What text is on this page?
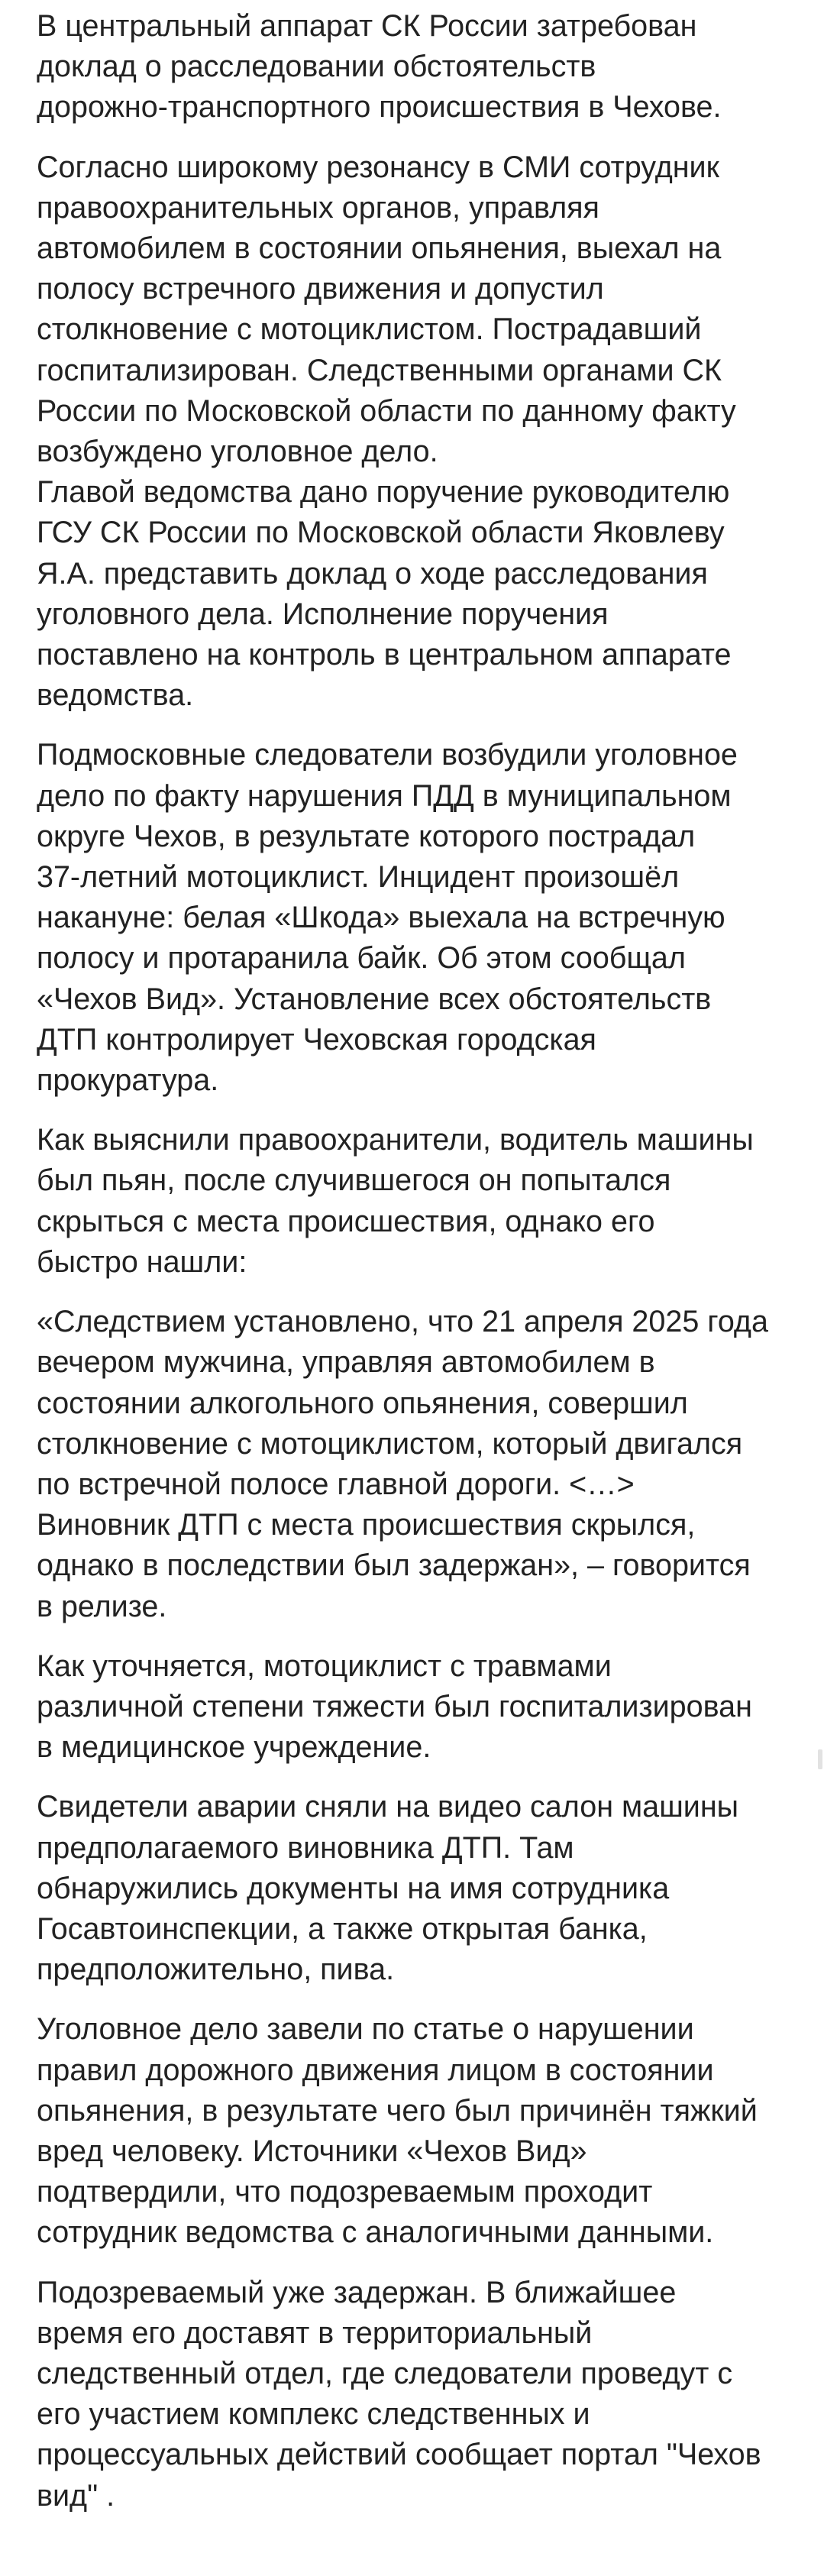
В центральный аппарат СК России затребован
доклад о расследовании обстоятельств
дорожно-транспортного происшествия в Чехове.

Согласно широкому резонансу в СМИ сотрудник
правоохранительных органов, управляя
автомобилем в состоянии опьянения, выехал на
полосу встречного движения и допустил
столкновение с мотоциклистом. Пострадавший
госпитализирован. Следственными органами СК
России по Московской области по данному факту
возбуждено уголовное дело.
Главой ведомства дано поручение руководителю
ГСУ СК России по Московской области Яковлеву
Я.А. представить доклад о ходе расследования
уголовного дела. Исполнение поручения
поставлено на контроль в центральном аппарате
ведомства.

Подмосковные следователи возбудили уголовное
дело по факту нарушения ПДД в муниципальном
округе Чехов, в результате которого пострадал
37-летний мотоциклист. Инцидент произошёл
накануне: белая «Шкода» выехала на встречную
полосу и протаранила байк. Об этом сообщал
«Чехов Вид». Установление всех обстоятельств
ДТП контролирует Чеховская городская
прокуратура.

Как выяснили правоохранители, водитель машины
был пьян, после случившегося он попытался
скрыться с места происшествия, однако его
быстро нашли:

«Следствием установлено, что 21 апреля 2025 года
вечером мужчина, управляя автомобилем в
состоянии алкогольного опьянения, совершил
столкновение с мотоциклистом, который двигался
по встречной полосе главной дороги. <…>
Виновник ДТП с места происшествия скрылся,
однако в последствии был задержан», – говорится
в релизе.

Как уточняется, мотоциклист с травмами
различной степени тяжести был госпитализирован
в медицинское учреждение.

Свидетели аварии сняли на видео салон машины
предполагаемого виновника ДТП. Там
обнаружились документы на имя сотрудника
Госавтоинспекции, а также открытая банка,
предположительно, пива.

Уголовное дело завели по статье о нарушении
правил дорожного движения лицом в состоянии
опьянения, в результате чего был причинён тяжкий
вред человеку. Источники «Чехов Вид»
подтвердили, что подозреваемым проходит
сотрудник ведомства с аналогичными данными.

Подозреваемый уже задержан. В ближайшее
время его доставят в территориальный
следственный отдел, где следователи проведут с
его участием комплекс следственных и
процессуальных действий сообщает портал "Чехов
вид" .
